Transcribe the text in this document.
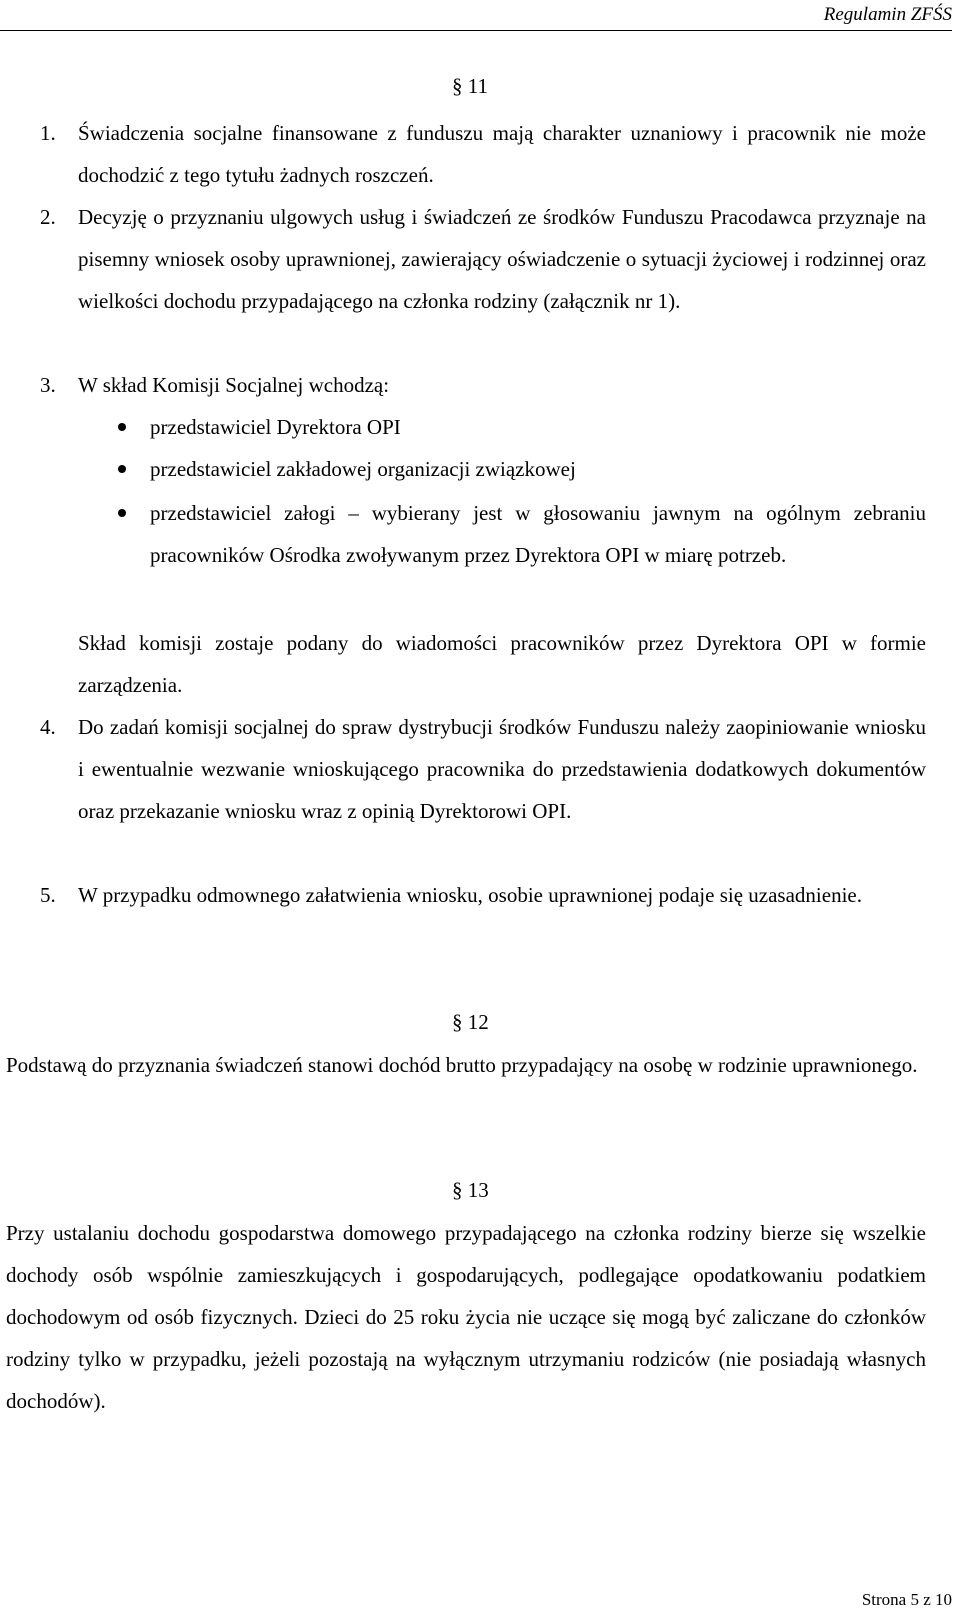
Regulamin ZFŚS
§ 11
1. Świadczenia socjalne finansowane z funduszu mają charakter uznaniowy i pracownik nie może dochodzić z tego tytułu żadnych roszczeń.
2. Decyzję o przyznaniu ulgowych usług i świadczeń ze środków Funduszu Pracodawca przyznaje na pisemny wniosek osoby uprawnionej, zawierający oświadczenie o sytuacji życiowej i rodzinnej oraz wielkości dochodu przypadającego na członka rodziny (załącznik nr 1).
3. W skład Komisji Socjalnej wchodzą:
przedstawiciel Dyrektora OPI
przedstawiciel zakładowej organizacji związkowej
przedstawiciel załogi – wybierany jest w głosowaniu jawnym na ogólnym zebraniu pracowników Ośrodka zwoływanym przez Dyrektora OPI w miarę potrzeb.
Skład komisji zostaje podany do wiadomości pracowników przez Dyrektora OPI w formie zarządzenia.
4. Do zadań komisji socjalnej do spraw dystrybucji środków Funduszu należy zaopiniowanie wniosku i ewentualnie wezwanie wnioskującego pracownika do przedstawienia dodatkowych dokumentów oraz przekazanie wniosku wraz z opinią Dyrektorowi OPI.
5. W przypadku odmownego załatwienia wniosku, osobie uprawnionej podaje się uzasadnienie.
§ 12
Podstawą do przyznania świadczeń stanowi dochód brutto przypadający na osobę w rodzinie uprawnionego.
§ 13
Przy ustalaniu dochodu gospodarstwa domowego przypadającego na członka rodziny bierze się wszelkie dochody osób wspólnie zamieszkujących i gospodarujących, podlegające opodatkowaniu podatkiem dochodowym od osób fizycznych. Dzieci do 25 roku życia nie uczące się mogą być zaliczane do członków rodziny tylko w przypadku, jeżeli pozostają na wyłącznym utrzymaniu rodziców (nie posiadają własnych dochodów).
Strona 5 z 10
